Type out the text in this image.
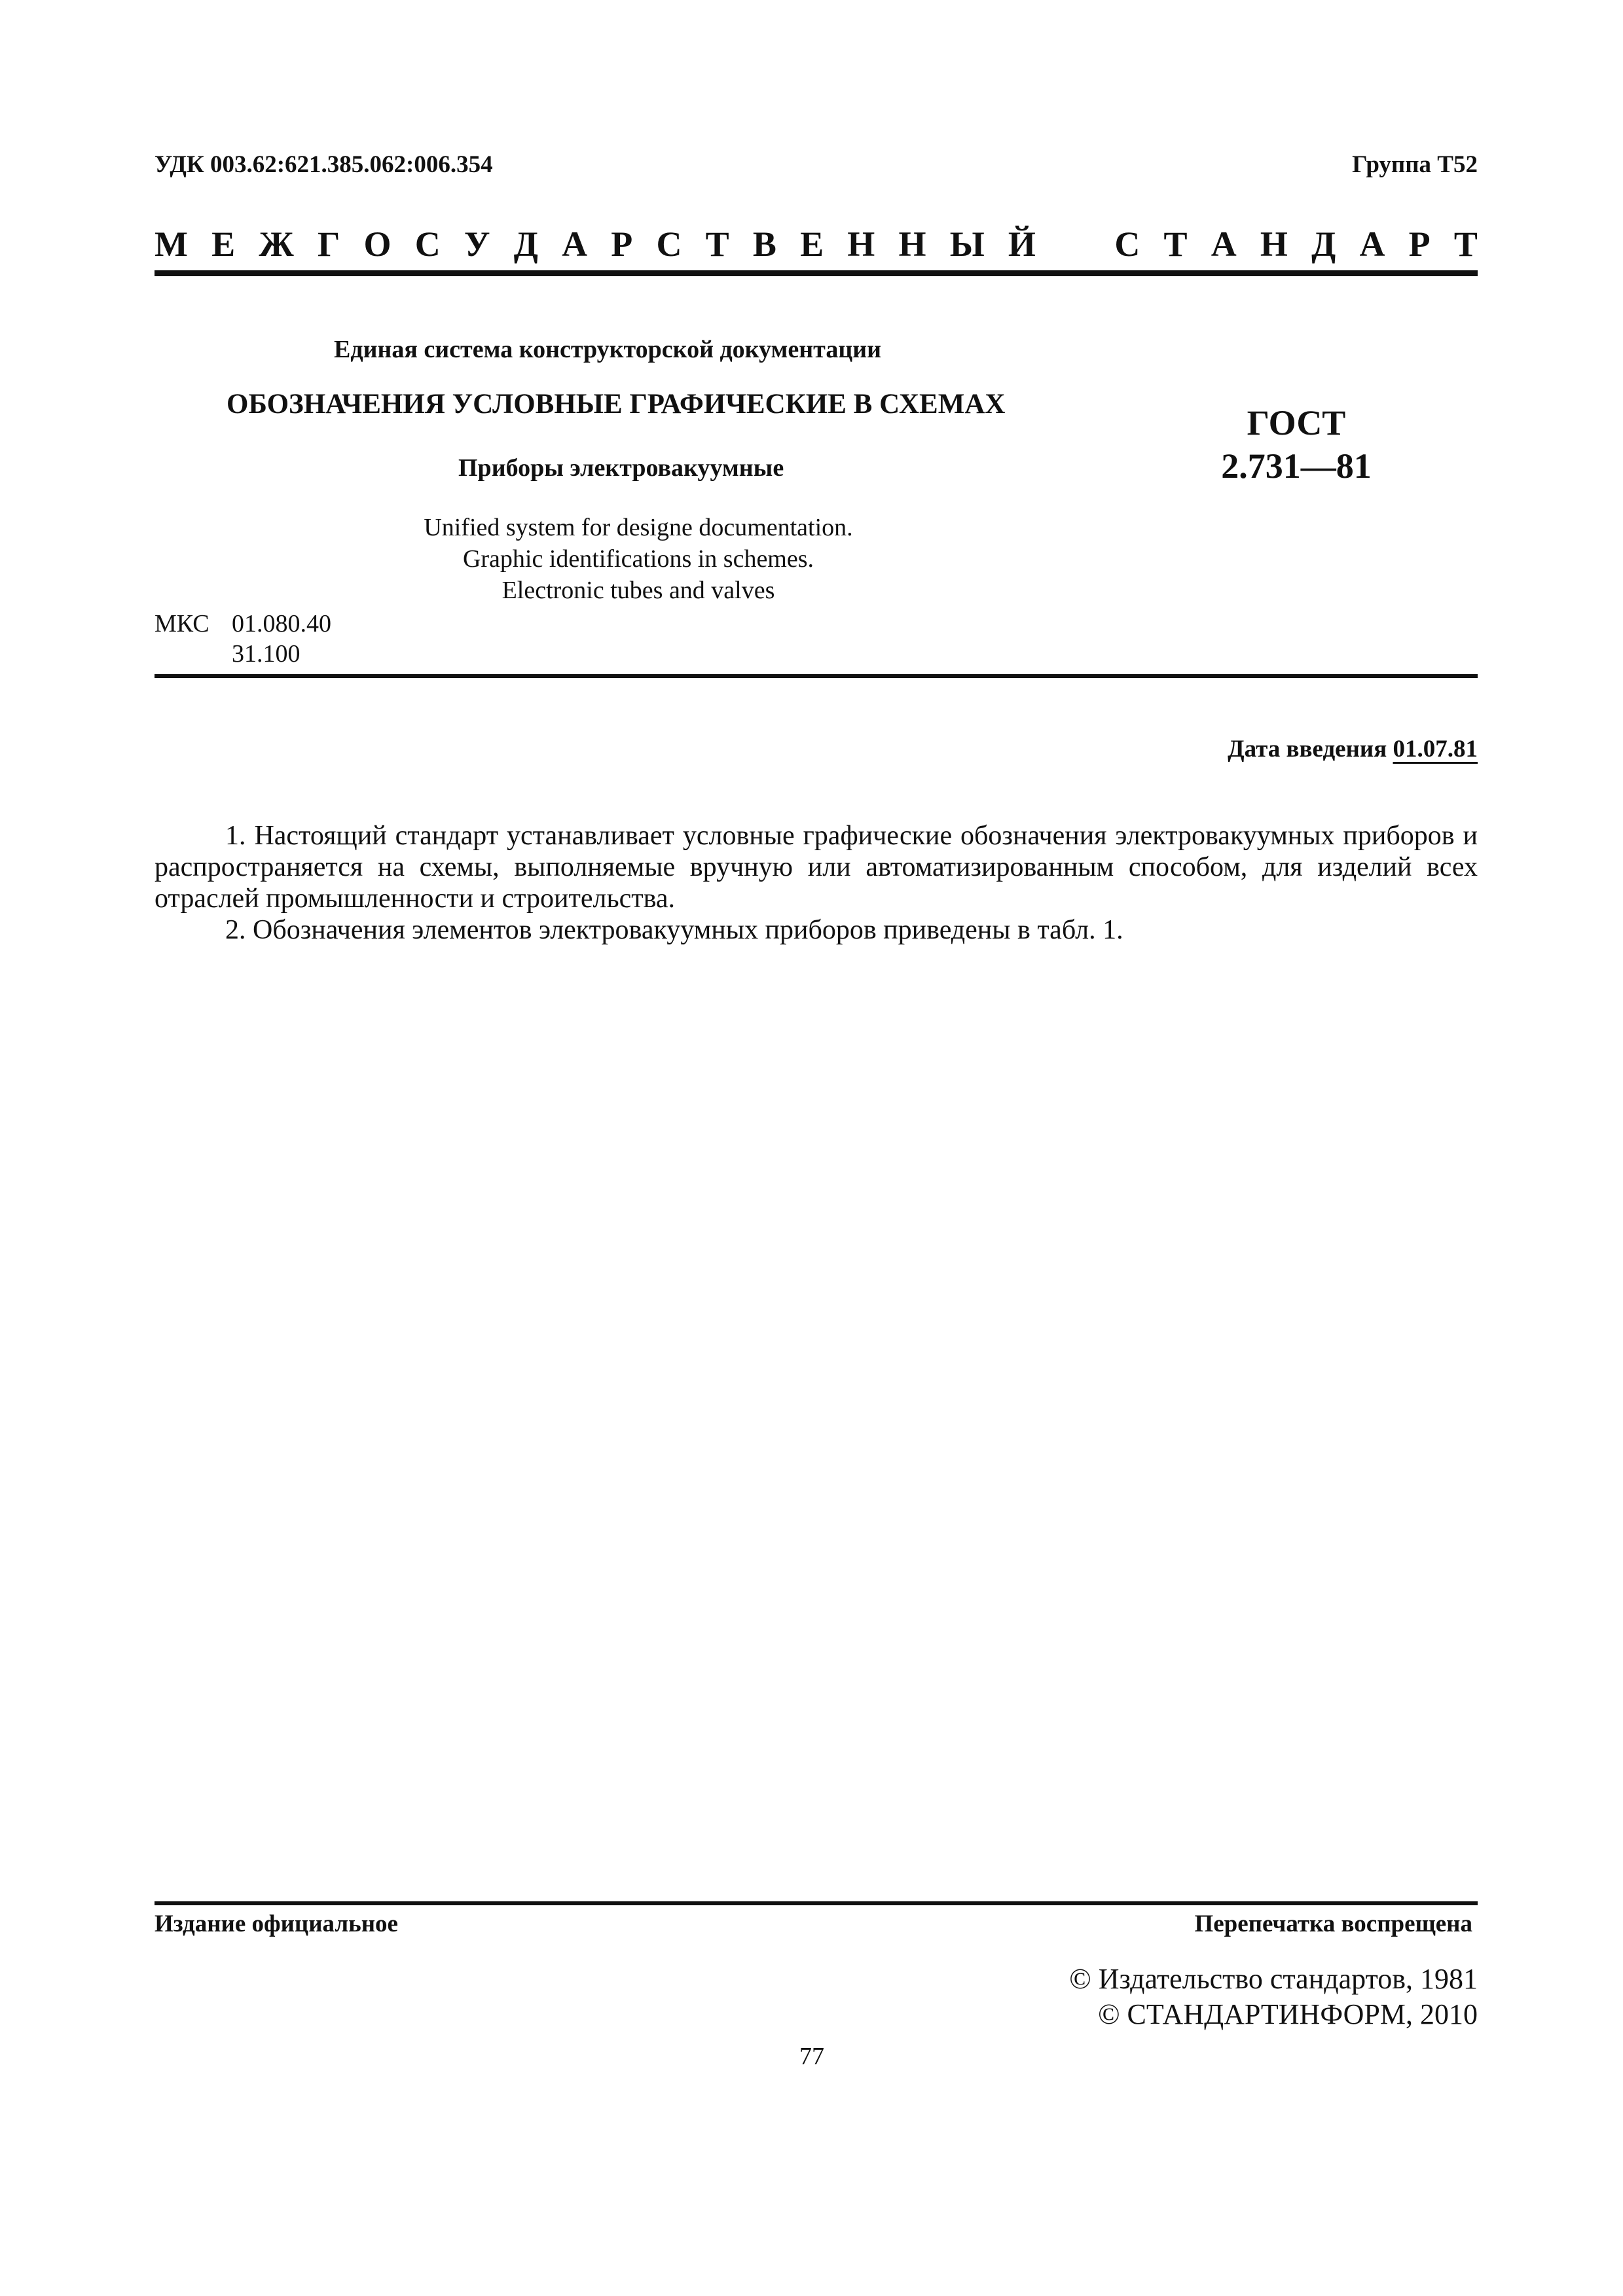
УДК 003.62:621.385.062:006.354	Группа Т52
М Е Ж Г О С У Д А Р С Т В Е Н Н Ы Й С Т А Н Д А Р Т
Единая система конструкторской документации
ОБОЗНАЧЕНИЯ УСЛОВНЫЕ ГРАФИЧЕСКИЕ В СХЕМАХ
Приборы электровакуумные
ГОСТ
2.731—81
Unified system for designe documentation.
Graphic identifications in schemes.
Electronic tubes and valves
МКС 01.080.40
31.100

Дата введения 01.07.81

1. Настоящий стандарт устанавливает условные графические обозначения электровакуумных приборов и распространяется на схемы, выполняемые вручную или автоматизированным способом, для изделий всех отраслей промышленности и строительства.

2. Обозначения элементов электровакуумных приборов приведены в табл. 1.

Издание официальное	Перепечатка воспрещена
© Издательство стандартов, 1981
© СТАНДАРТИНФОРМ, 2010
77
